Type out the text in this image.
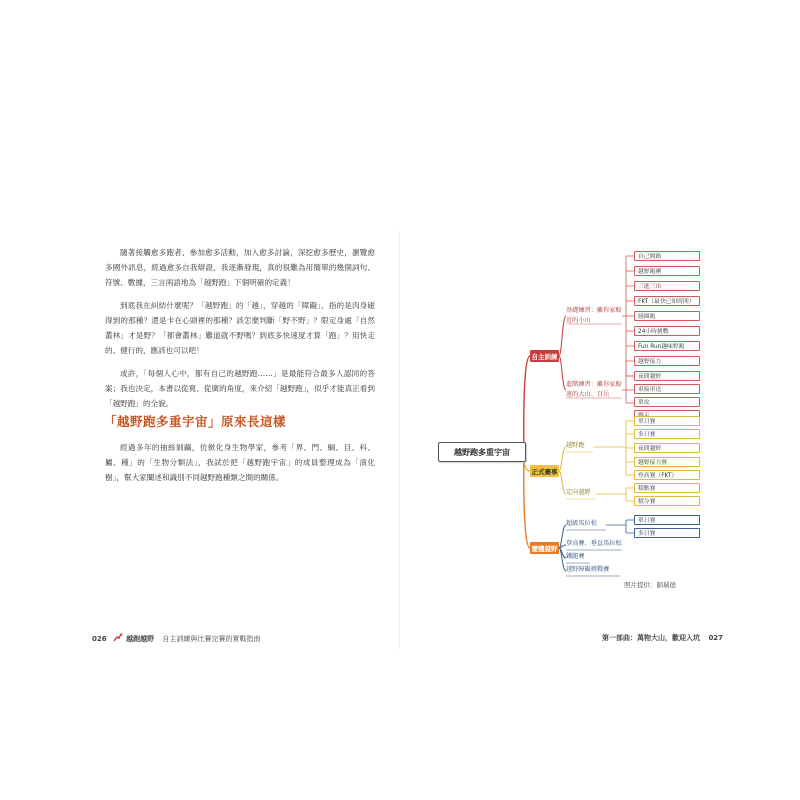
隨著接觸愈多跑者、參加愈多活動，加入愈多討論，深挖愈多歷史，瀏覽愈多國外訊息，經過愈多自我辯證，我逐漸發現，真的很難為用簡單的幾個詞句、符號、數據，三言兩語地為「越野跑」下個明確的定義！

到底我在糾結什麼呢？「越野跑」的「越」，穿越的「障礙」，指的是肉身碰得到的那種？還是卡在心頭裡的那種？該怎麼判斷「野不野」？限定身處「自然叢林」才是野？「都會叢林」難道就不野嗎？到底多快速度才算「跑」？用快走的、健行的，應該也可以吧！

或許，「每個人心中，都有自己的越野跑……」是最能符合最多人認同的答案；我也決定，本書以從寬、從廣的角度，來介紹「越野跑」，似乎才能真正看到「越野跑」的全貌。

「越野跑多重宇宙」原來長這樣

經過多年的抽絲剝繭，仿傚化身生物學家，參考「界、門、綱、目、科、屬、種」的「生物分類法」，我試於把「越野跑宇宙」的成員整理成為「演化樹」，幫大家闡述和識別不同越野跑種類之間的關係。

026	越跑越野 自主訓練與比賽完賽的實戰指南
越野跑多重宇宙
自主訓練
基礎練習：離你家較近的小山
進階練習：離你家較遠的大山、百岳
自己開路
越野跑團
三進三出
FKT（最快已知時間）
繞圈跑
24小時挑戰
Fun Run趣味野跑
越野接力
夜間越野
車接車送
單攻
正式賽事
越野跑
定向越野
單日賽
多日賽
夜間越野
越野接力賽
登高賽（FKT）
積點賽
積分賽
變體越野
超級馬拉松
登高賽、垂直馬拉松
鐵腿賽
越野障礙挑戰賽
單日賽
多日賽
照片提供：師瑞德
第一部曲：萬物大山，歡迎入坑 027
